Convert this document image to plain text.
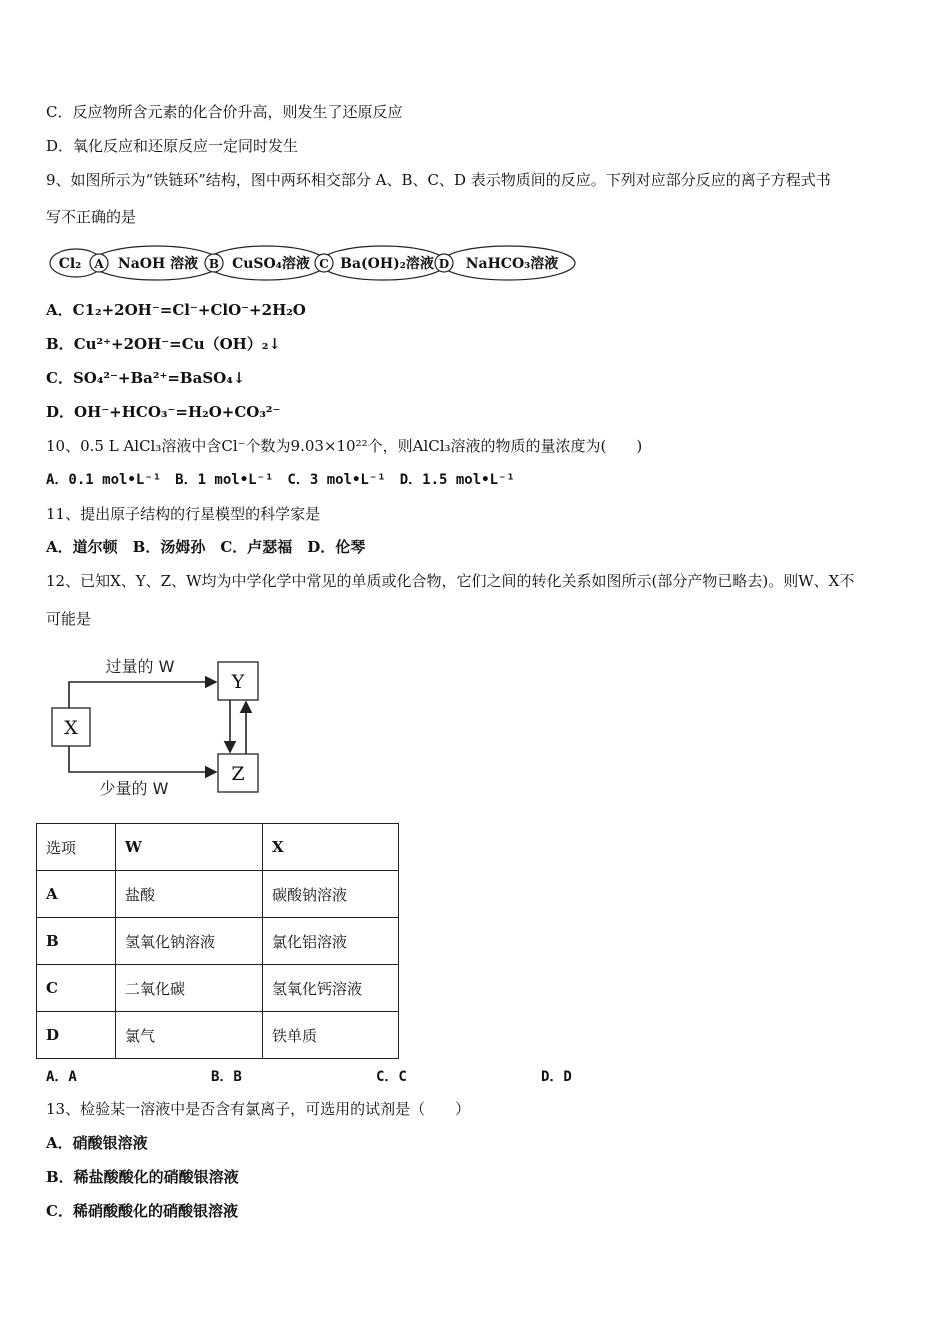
C．反应物所含元素的化合价升高，则发生了还原反应
D．氧化反应和还原反应一定同时发生
9、如图所示为“铁链环”结构，图中两环相交部分 A、B、C、D 表示物质间的反应。下列对应部分反应的离子方程式书
写不正确的是
Cl₂	NaOH 溶液 CuSO₄溶液 Ba(OH)₂溶液 NaHCO₃溶液
A	B	C	D
A．C1₂+2OH⁻=Cl⁻+ClO⁻+2H₂O
B．Cu²⁺+2OH⁻=Cu（OH）₂↓
C．SO₄²⁻+Ba²⁺=BaSO₄↓
D．OH⁻+HCO₃⁻=H₂O+CO₃²⁻
10、0.5 L AlCl₃溶液中含Cl⁻个数为9.03×10²²个，则AlCl₃溶液的物质的量浓度为(　　)
A．0.1 mol•L⁻¹　B．1 mol•L⁻¹　C．3 mol•L⁻¹　D．1.5 mol•L⁻¹
11、提出原子结构的行星模型的科学家是
A．道尔顿　B．汤姆孙　C．卢瑟福　D．伦琴
12、已知X、Y、Z、W均为中学化学中常见的单质或化合物，它们之间的转化关系如图所示(部分产物已略去)。则W、X不
可能是
X
Y
Z
过量的 W
少量的 W
选项	W	X
A	盐酸	碳酸钠溶液
B	氢氧化钠溶液	氯化铝溶液
C	二氧化碳	氢氧化钙溶液
D	氯气	铁单质
A．A	B．B	C．C	D．D
13、检验某一溶液中是否含有氯离子，可选用的试剂是（　　）
A．硝酸银溶液
B．稀盐酸酸化的硝酸银溶液
C．稀硝酸酸化的硝酸银溶液
